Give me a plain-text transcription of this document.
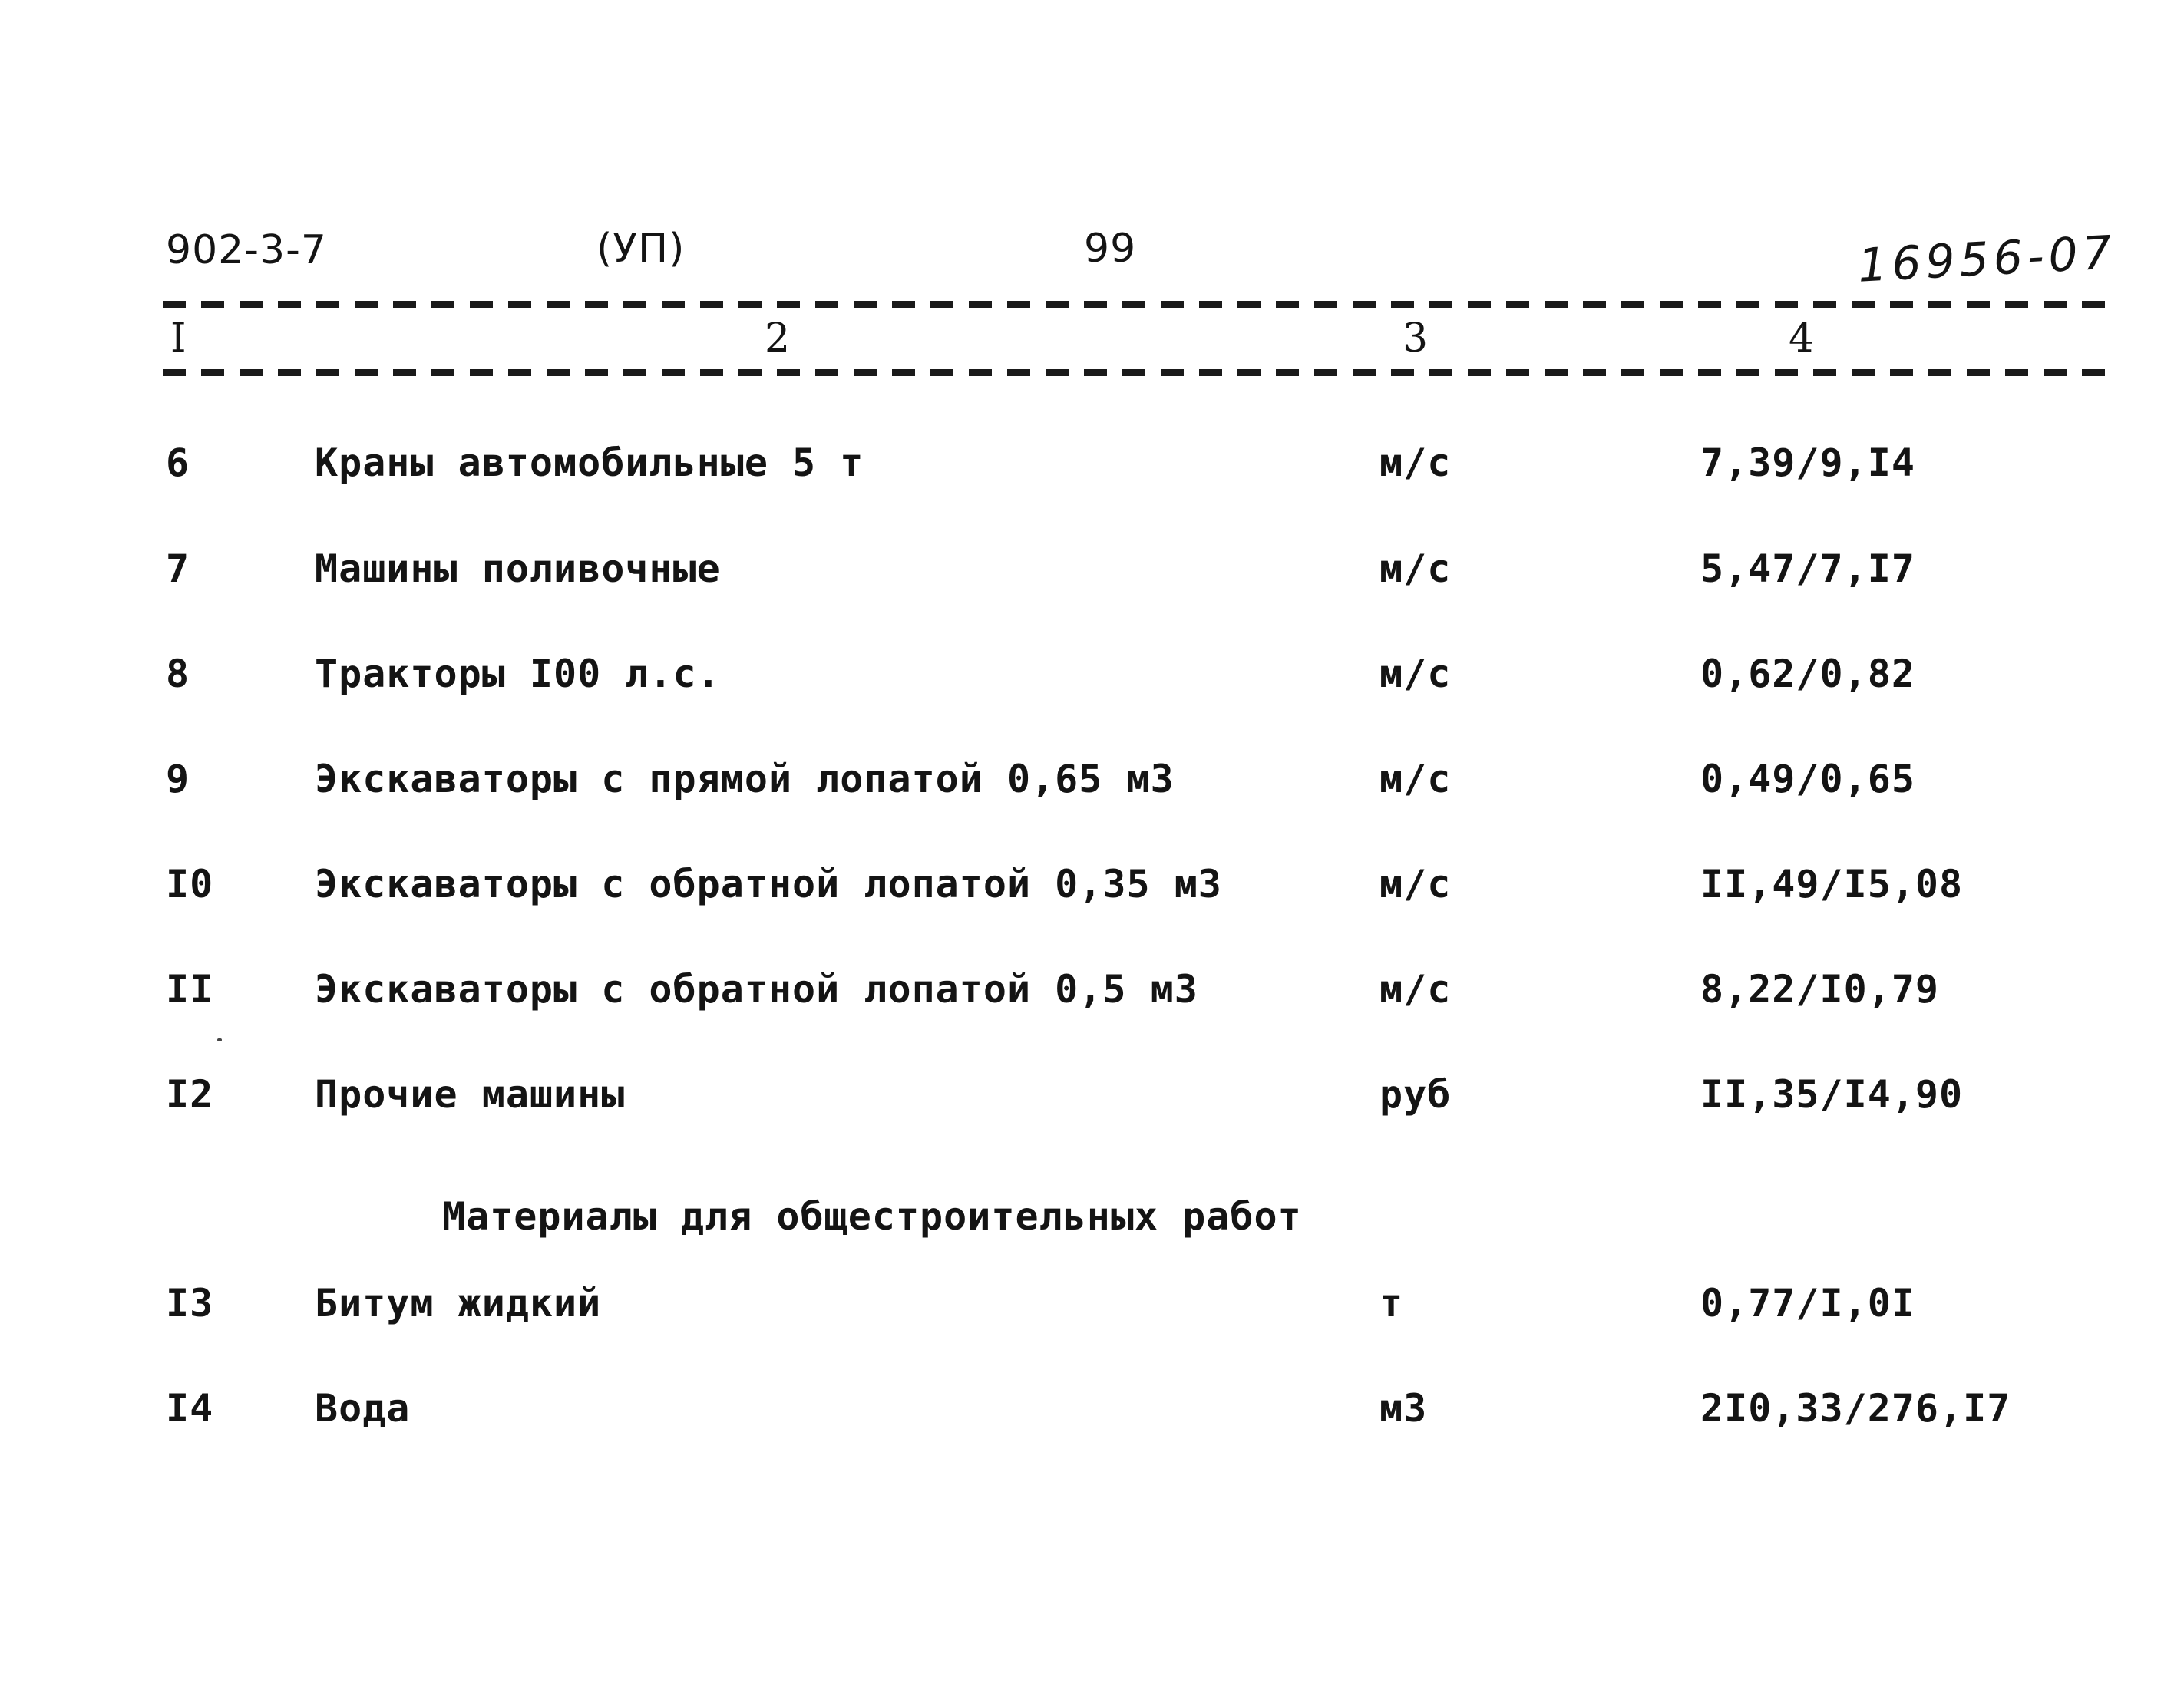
902-3-7	(УП)	99	16956-07
I	2	3	4
6	Краны автомобильные 5 т	м/с	7,39/9,I4
7	Машины поливочные	м/с	5,47/7,I7
8	Тракторы I00 л.с.	м/с	0,62/0,82
9	Экскаваторы с прямой лопатой 0,65 м3	м/с	0,49/0,65
I0	Экскаваторы с обратной лопатой 0,35 м3	м/с	II,49/I5,08
II	Экскаваторы с обратной лопатой 0,5 м3	м/с	8,22/I0,79
I2	Прочие машины	руб	II,35/I4,90
Материалы для общестроительных работ
I3	Битум жидкий	т	0,77/I,0I
I4	Вода	м3	2I0,33/276,I7
